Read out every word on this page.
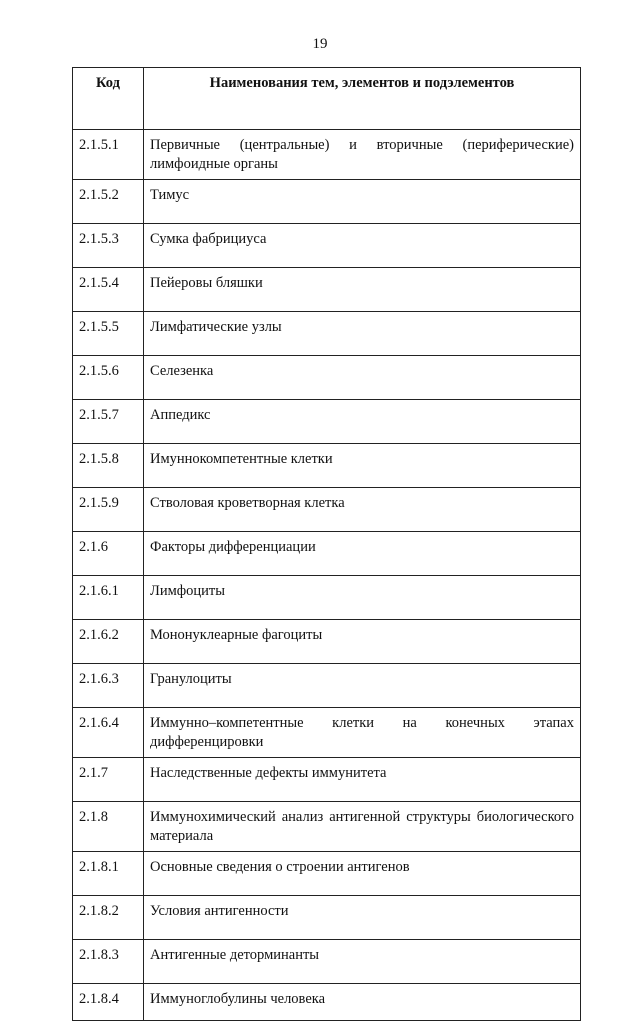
19
Код	Наименования тем, элементов и подэлементов
2.1.5.1	Первичные (центральные) и вторичные (периферические) лимфоидные органы
2.1.5.2	Тимус
2.1.5.3	Сумка фабрициуса
2.1.5.4	Пейеровы бляшки
2.1.5.5	Лимфатические узлы
2.1.5.6	Селезенка
2.1.5.7	Аппедикс
2.1.5.8	Имуннокомпетентные клетки
2.1.5.9	Стволовая кроветворная клетка
2.1.6	Факторы дифференциации
2.1.6.1	Лимфоциты
2.1.6.2	Мононуклеарные фагоциты
2.1.6.3	Гранулоциты
2.1.6.4	Иммунно–компетентные клетки на конечных этапах дифференцировки
2.1.7	Наследственные дефекты иммунитета
2.1.8	Иммунохимический анализ антигенной структуры биологического материала
2.1.8.1	Основные сведения о строении антигенов
2.1.8.2	Условия антигенности
2.1.8.3	Антигенные деторминанты
2.1.8.4	Иммуноглобулины человека
